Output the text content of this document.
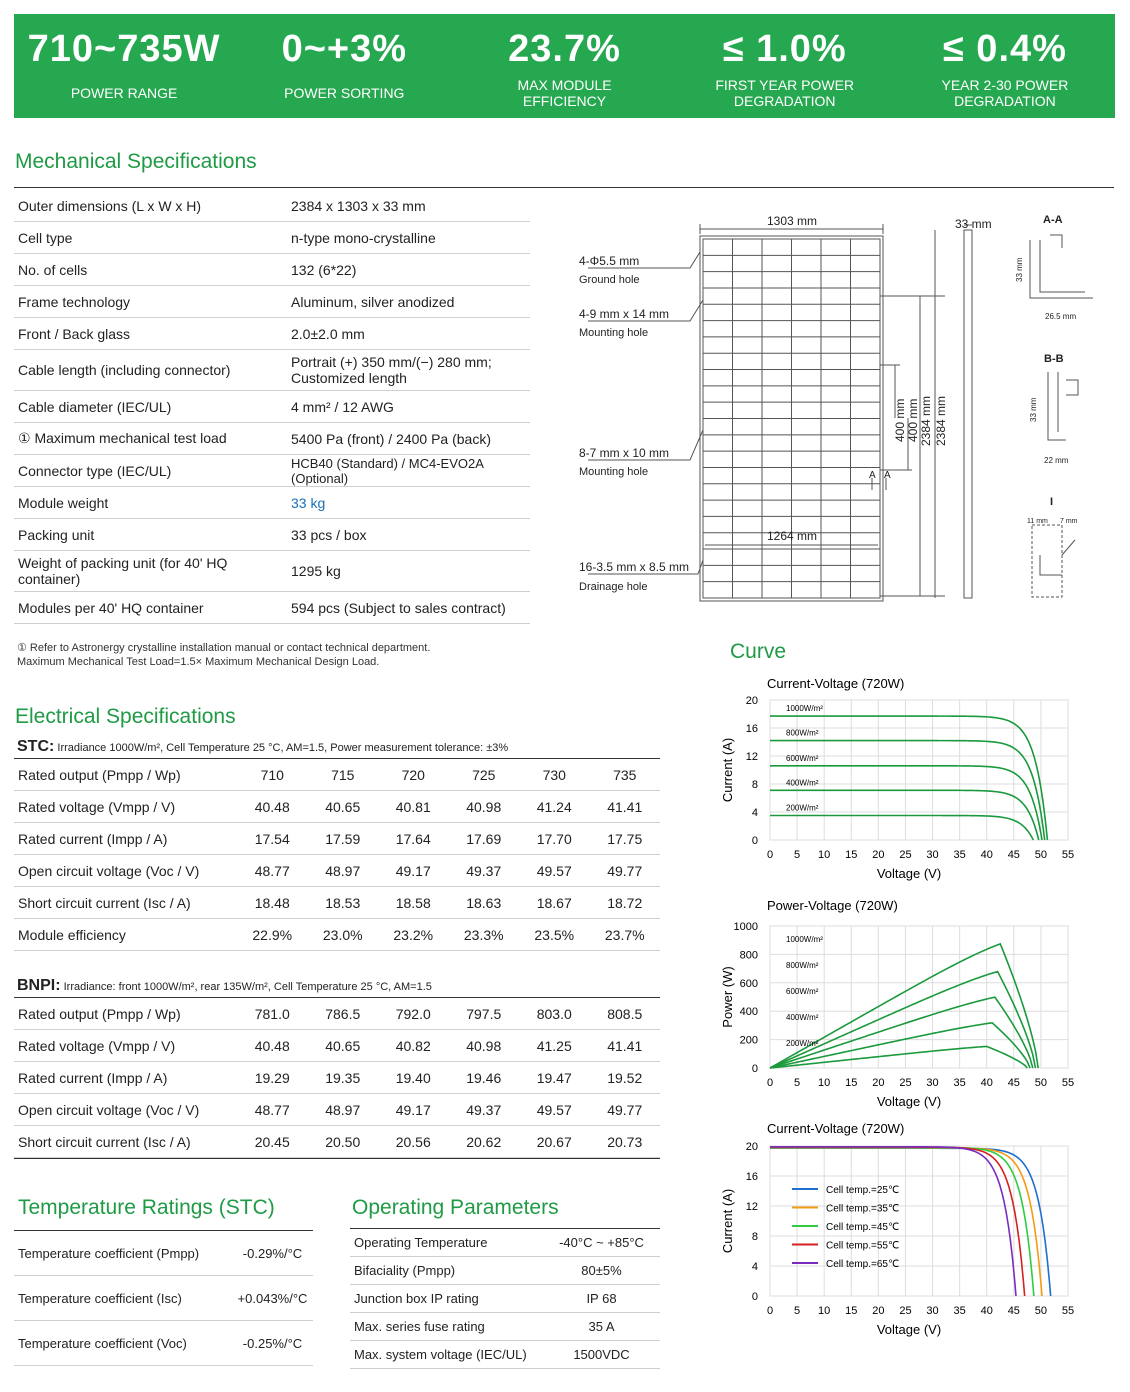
710~735W
POWER RANGE
0~+3%
POWER SORTING
23.7%
MAX MODULE EFFICIENCY
≤ 1.0%
FIRST YEAR POWER DEGRADATION
≤ 0.4%
YEAR 2-30 POWER DEGRADATION
Mechanical Specifications
Outer dimensions (L x W x H)	2384 x 1303 x 33 mm
Cell type	n-type mono-crystalline
No. of cells	132 (6*22)
Frame technology	Aluminum, silver anodized
Front / Back glass	2.0±2.0 mm
Cable length (including connector)	Portrait (+) 350 mm/(−) 280 mm; Customized length
Cable diameter (IEC/UL)	4 mm² / 12 AWG
① Maximum mechanical test load	5400 Pa (front) / 2400 Pa (back)
Connector type (IEC/UL)	HCB40 (Standard) / MC4-EVO2A (Optional)
Module weight	33 kg
Packing unit	33 pcs / box
Weight of packing unit (for 40' HQ container)	1295 kg
Modules per 40' HQ container	594 pcs (Subject to sales contract)
① Refer to Astronergy crystalline installation manual or contact technical department.
Maximum Mechanical Test Load=1.5× Maximum Mechanical Design Load.
1303 mm	33 mm
1264 mm
400 mm 400 mm 2384 mm 2384 mm
4-Φ5.5 mm
Ground hole
4-9 mm x 14 mm
Mounting hole
8-7 mm x 10 mm
Mounting hole
16-3.5 mm x 8.5 mm
Drainage hole
A A
A-A
33 mm
26.5 mm
B-B
33 mm
22 mm
I
11 mm 7 mm
Curve
Electrical Specifications
STC: Irradiance 1000W/m², Cell Temperature 25 °C, AM=1.5, Power measurement tolerance: ±3%
Rated output (Pmpp / Wp)	710	715	720	725	730	735
Rated voltage (Vmpp / V)	40.48	40.65	40.81	40.98	41.24	41.41
Rated current (Impp / A)	17.54	17.59	17.64	17.69	17.70	17.75
Open circuit voltage (Voc / V)	48.77	48.97	49.17	49.37	49.57	49.77
Short circuit current (Isc / A)	18.48	18.53	18.58	18.63	18.67	18.72
Module efficiency	22.9%	23.0%	23.2%	23.3%	23.5%	23.7%
BNPI: Irradiance: front 1000W/m², rear 135W/m², Cell Temperature 25 °C, AM=1.5
Rated output (Pmpp / Wp)	781.0	786.5	792.0	797.5	803.0	808.5
Rated voltage (Vmpp / V)	40.48	40.65	40.82	40.98	41.25	41.41
Rated current (Impp / A)	19.29	19.35	19.40	19.46	19.47	19.52
Open circuit voltage (Voc / V)	48.77	48.97	49.17	49.37	49.57	49.77
Short circuit current (Isc / A)	20.45	20.50	20.56	20.62	20.67	20.73
Temperature Ratings (STC)
Temperature coefficient (Pmpp)	-0.29%/°C
Temperature coefficient (Isc)	+0.043%/°C
Temperature coefficient (Voc)	-0.25%/°C
Operating Parameters
Operating Temperature	-40°C ~ +85°C
Bifaciality (Pmpp)	80±5%
Junction box IP rating	IP 68
Max. series fuse rating	35 A
Max. system voltage (IEC/UL)	1500VDC
Current-Voltage (720W)
0 5 10 15 20 25 30 35 40 45 50 55
0
4
8
12
16
20
Voltage (V)
Current (A)
1000W/m²
800W/m²
600W/m²
400W/m²
200W/m²
Power-Voltage (720W)
0 5 10 15 20 25 30 35 40 45 50 55
0
200
400
600
800
1000
Voltage (V)
Power (W)
1000W/m²
800W/m²
600W/m²
400W/m²
200W/m²
Current-Voltage (720W)
0 5 10 15 20 25 30 35 40 45 50 55
0
4
8
12
16
20
Voltage (V)
Current (A)	Cell temp.=25℃
Cell temp.=35℃
Cell temp.=45℃
Cell temp.=55℃
Cell temp.=65℃
